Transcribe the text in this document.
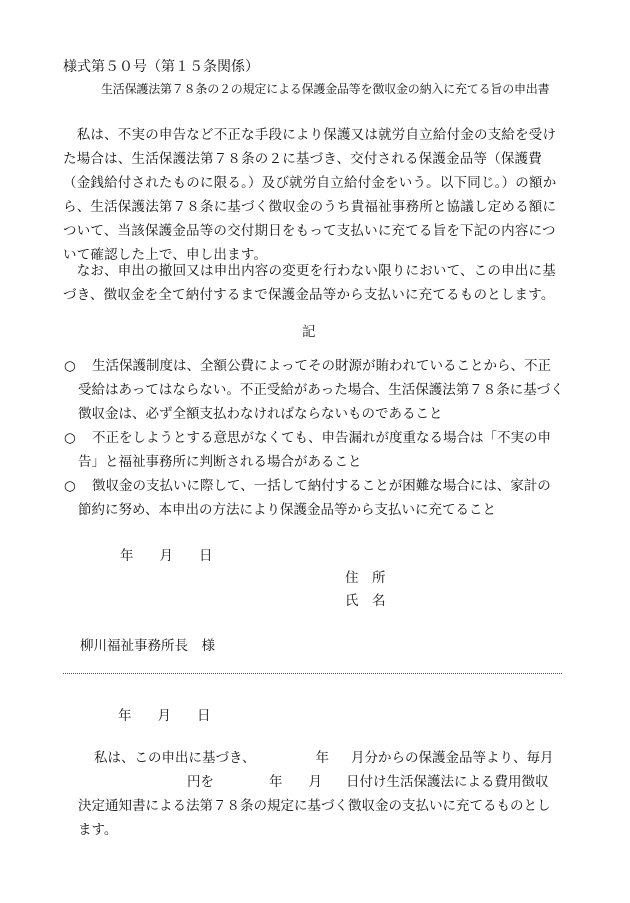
様式第５０号（第１５条関係）
生活保護法第７８条の２の規定による保護金品等を徴収金の納入に充てる旨の申出書
　私は、不実の申告など不正な手段により保護又は就労自立給付金の支給を受けた場合は、生活保護法第７８条の２に基づき、交付される保護金品等（保護費（金銭給付されたものに限る。）及び就労自立給付金をいう。以下同じ。）の額から、生活保護法第７８条に基づく徴収金のうち貴福祉事務所と協議し定める額について、当該保護金品等の交付期日をもって支払いに充てる旨を下記の内容について確認した上で、申し出ます。
　なお、申出の撤回又は申出内容の変更を行わない限りにおいて、この申出に基づき、徴収金を全て納付するまで保護金品等から支払いに充てるものとします。
記
○	生活保護制度は、全額公費によってその財源が賄われていることから、不正受給はあってはならない。不正受給があった場合、生活保護法第７８条に基づく徴収金は、必ず全額支払わなければならないものであること
○	不正をしようとする意思がなくても、申告漏れが度重なる場合は「不実の申告」と福祉事務所に判断される場合があること
○	徴収金の支払いに際して、一括して納付することが困難な場合には、家計の節約に努め、本申出の方法により保護金品等から支払いに充てること
年 月 日
住　所
氏　名
柳川福祉事務所長　様
年 月 日
私は、この申出に基づき、	年 月分からの保護金品等より、毎月
円を	年 月 日付け生活保護法による費用徴収
決定通知書による法第７８条の規定に基づく徴収金の支払いに充てるものとし
ます。
